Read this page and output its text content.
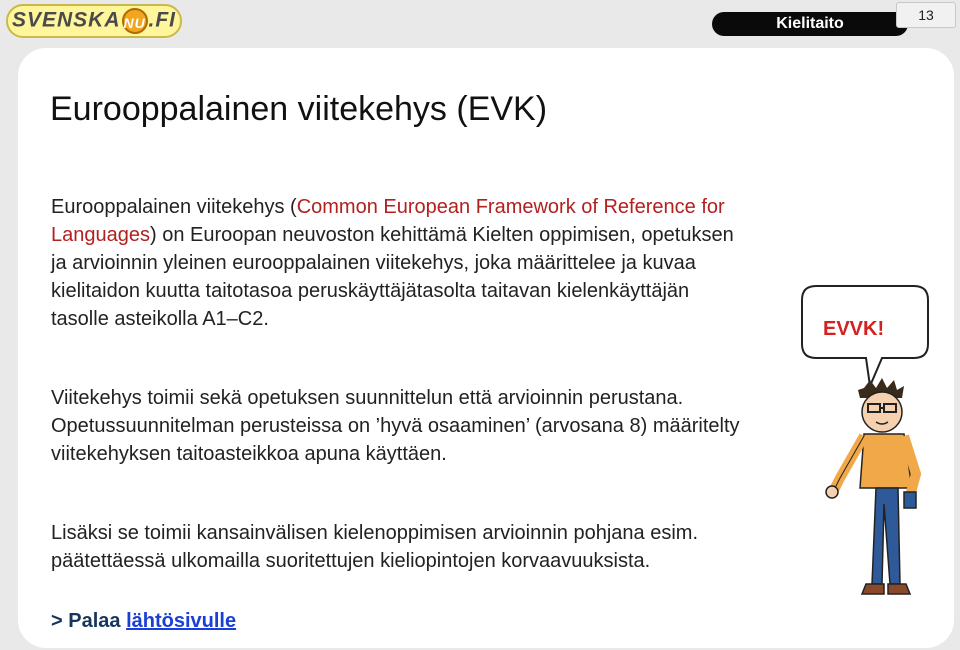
SVENSKA NU .FI	Kielitaito	13
Eurooppalainen viitekehys (EVK)

Eurooppalainen viitekehys (Common European Framework of Reference for Languages) on Euroopan neuvoston kehittämä Kielten oppimisen, opetuksen ja arvioinnin yleinen eurooppalainen viitekehys, joka määrittelee ja kuvaa kielitaidon kuutta taitotasoa peruskäyttäjätasolta taitavan kielenkäyttäjän tasolle asteikolla A1–C2.

Viitekehys toimii sekä opetuksen suunnittelun että arvioinnin perustana. Opetussuunnitelman perusteissa on ’hyvä osaaminen’ (arvosana 8) määritelty viitekehyksen taitoasteikkoa apuna käyttäen.

Lisäksi se toimii kansainvälisen kielenoppimisen arvioinnin pohjana esim. päätettäessä ulkomailla suoritettujen kieliopintojen korvaavuuksista.

> Palaa lähtösivulle
EVVK!
